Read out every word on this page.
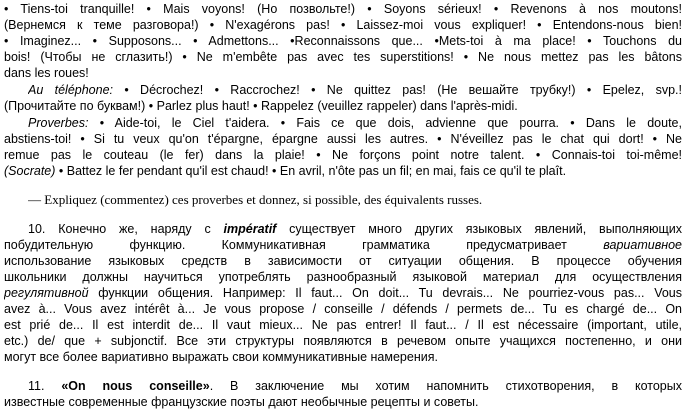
• Tiens-toi tranquille! • Mais voyons! (Но позвольте!) • Soyons sérieux! • Revenons à nos moutons!
(Вернемся к теме разговора!) • N'exagérons pas! • Laissez-moi vous expliquer! • Entendons-nous bien!
• Imaginez... • Supposons... • Admettons... •Reconnaissons que... •Mets-toi à ma place! • Touchons du
bois! (Чтобы не сглазить!) • Ne m'embête pas avec tes superstitions! • Ne nous mettez pas les bâtons
dans les roues!
Au téléphone: • Décrochez! • Raccrochez! • Ne quittez pas! (Не вешайте трубку!) • Epelez, svp.!
(Прочитайте по буквам!) • Parlez plus haut! • Rappelez (veuillez rappeler) dans l'après-midi.
Proverbes: • Aide-toi, le Ciel t'aidera. • Fais ce que dois, advienne que pourra. • Dans le doute,
abstiens-toi! • Si tu veux qu'on t'épargne, épargne aussi les autres. • N'éveillez pas le chat qui dort! • Ne
remue pas le couteau (le fer) dans la plaie! • Ne forçons point notre talent. • Connais-toi toi-même!
(Socrate) • Battez le fer pendant qu'il est chaud! • En avril, n'ôte pas un fil; en mai, fais ce qu'il te plaît.
— Expliquez (commentez) ces proverbes et donnez, si possible, des équivalents russes.
10. Конечно же, наряду с impératif существует много других языковых явлений, выполняющих
побудительную функцию. Коммуникативная грамматика предусматривает	вариативное
использование языковых средств в зависимости от ситуации общения. В процессе обучения
школьники должны научиться употреблять разнообразный языковой материал для осуществления
регулятивной функции общения. Например: Il faut... On doit... Tu devrais... Ne pourriez-vous pas... Vous
avez à... Vous avez intérêt à... Je vous propose / conseille / défends / permets de... Tu es chargé de... On
est prié de... Il est interdit de... Il vaut mieux... Ne pas entrer! Il faut... / Il est nécessaire (important, utile,
etc.) de/ que + subjonctif. Все эти структуры появляются в речевом опыте учащихся постепенно, и они
могут все более вариативно выражать свои коммуникативные намерения.
11. «On nous conseille». В заключение мы хотим напомнить стихотворения, в которых
известные современные французские поэты дают необычные рецепты и советы.
